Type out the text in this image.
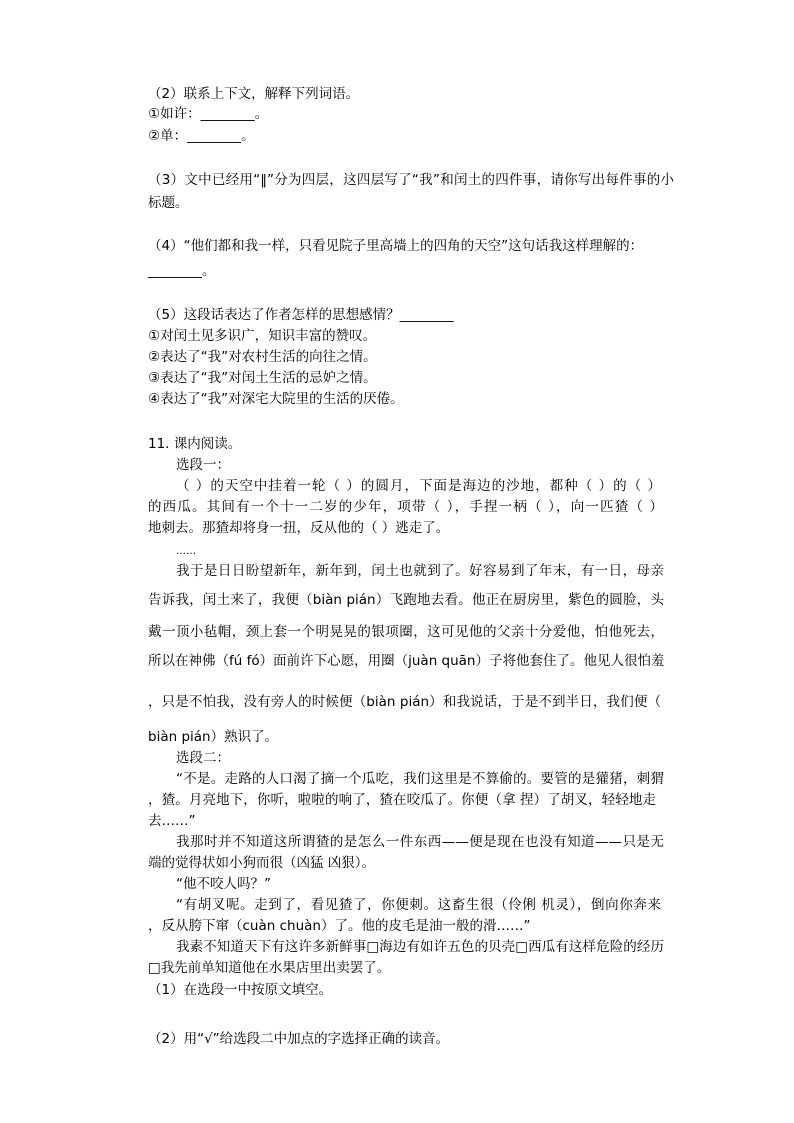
（2）联系上下文，解释下列词语。
①如许：________。
②单：________。
（3）文中已经用“‖”分为四层，这四层写了“我”和闰土的四件事，请你写出每件事的小
标题。
（4）“他们都和我一样，只看见院子里高墙上的四角的天空”这句话我这样理解的：
________。
（5）这段话表达了作者怎样的思想感情？________
①对闰土见多识广，知识丰富的赞叹。
②表达了“我”对农村生活的向往之情。
③表达了“我”对闰土生活的忌妒之情。
④表达了“我”对深宅大院里的生活的厌倦。
11. 课内阅读。
选段一：
（ ）的天空中挂着一轮（ ）的圆月，下面是海边的沙地，都种（ ）的（ ）
的西瓜。其间有一个十一二岁的少年，项带（ ），手捏一柄（ ），向一匹猹（ ）
地刺去。那猹却将身一扭，反从他的（ ）逃走了。
……
我于是日日盼望新年，新年到，闰土也就到了。好容易到了年末，有一日，母亲
告诉我，闰土来了，我便（biàn pián）飞跑地去看。他正在厨房里，紫色的圆脸，头
戴一顶小毡帽，颈上套一个明晃晃的银项圈，这可见他的父亲十分爱他，怕他死去，
所以在神佛（fú fó）面前许下心愿，用圈（juàn quān）子将他套住了。他见人很怕羞
，只是不怕我，没有旁人的时候便（biàn pián）和我说话，于是不到半日，我们便（
biàn pián）熟识了。
选段二：
“不是。走路的人口渴了摘一个瓜吃，我们这里是不算偷的。要管的是獾猪，刺猬
，猹。月亮地下，你听，啦啦的响了，猹在咬瓜了。你便（拿 捏）了胡叉，轻轻地走
去……”
我那时并不知道这所谓猹的是怎么一件东西——便是现在也没有知道——只是无
端的觉得状如小狗而很（凶猛 凶狠）。
“他不咬人吗？”
“有胡叉呢。走到了，看见猹了，你便刺。这畜生很（伶俐 机灵），倒向你奔来
，反从胯下窜（cuàn chuàn）了。他的皮毛是油一般的滑……”
我素不知道天下有这许多新鲜事□海边有如许五色的贝壳□西瓜有这样危险的经历
□我先前单知道他在水果店里出卖罢了。
（1）在选段一中按原文填空。
（2）用“√”给选段二中加点的字选择正确的读音。
